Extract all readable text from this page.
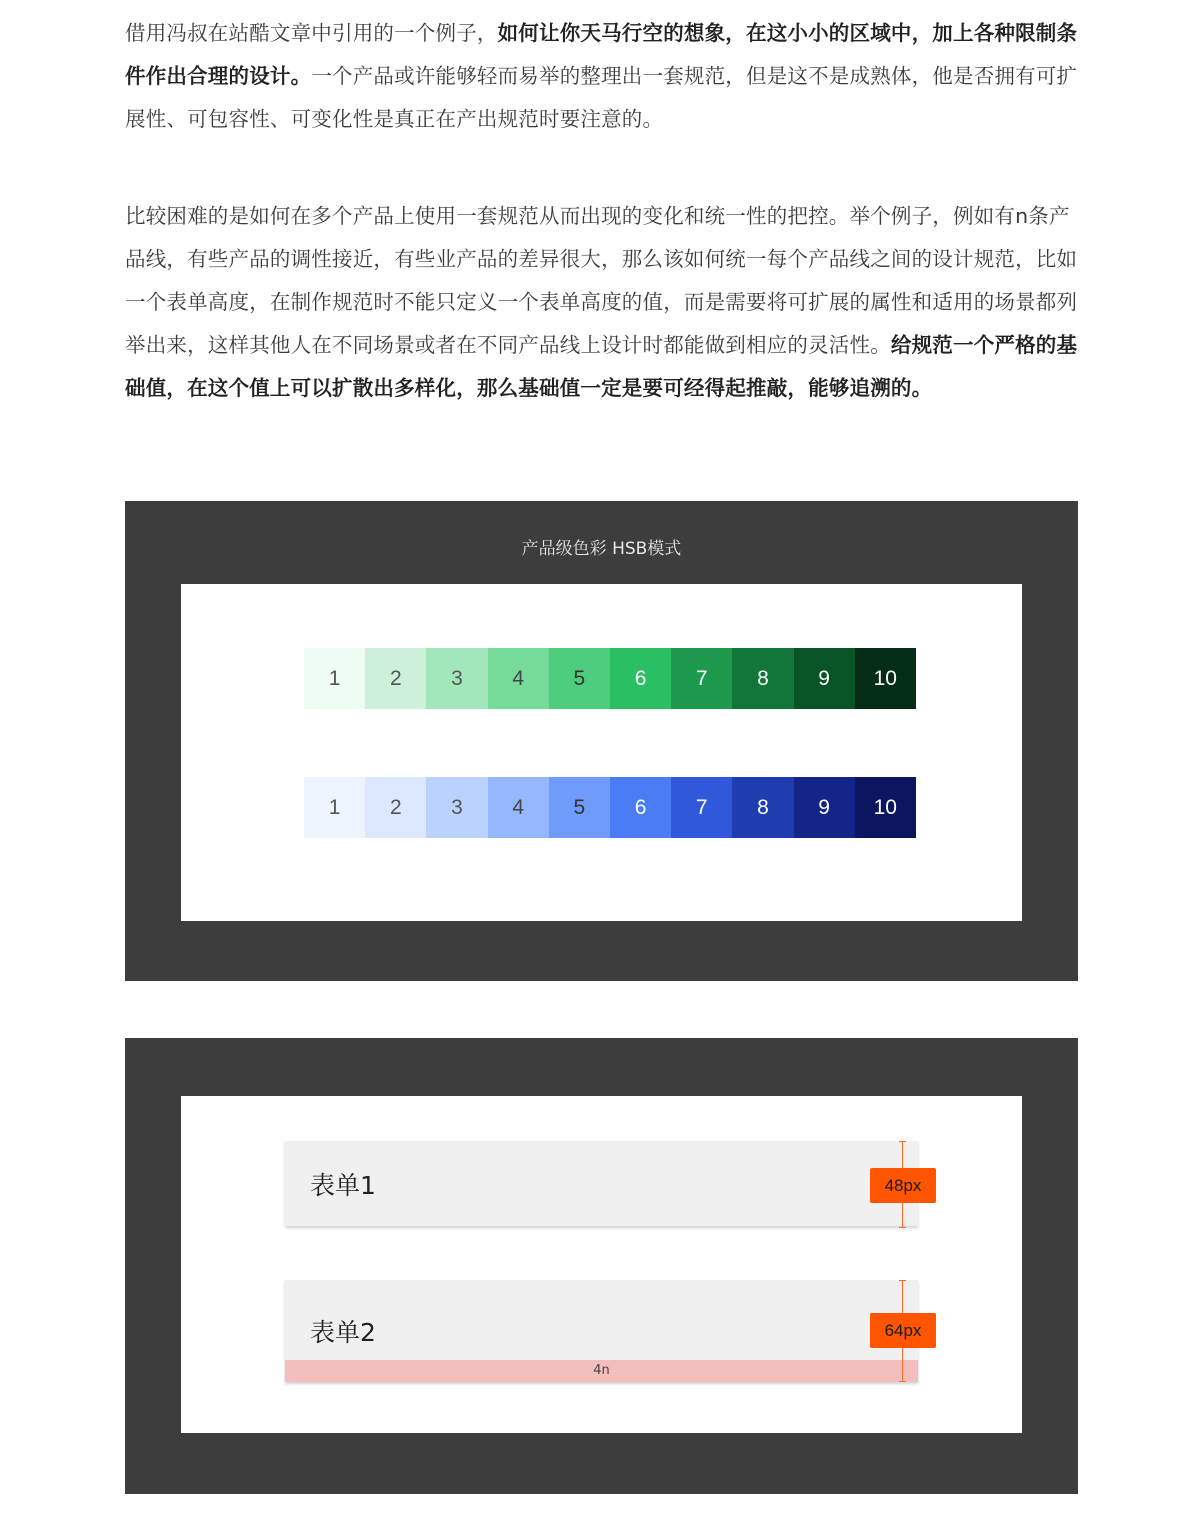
借用冯叔在站酷文章中引用的一个例子，如何让你天马行空的想象，在这小小的区域中，加上各种限制条件作出合理的设计。一个产品或许能够轻而易举的整理出一套规范，但是这不是成熟体，他是否拥有可扩展性、可包容性、可变化性是真正在产出规范时要注意的。

比较困难的是如何在多个产品上使用一套规范从而出现的变化和统一性的把控。举个例子，例如有n条产品线，有些产品的调性接近，有些业产品的差异很大，那么该如何统一每个产品线之间的设计规范，比如一个表单高度，在制作规范时不能只定义一个表单高度的值，而是需要将可扩展的属性和适用的场景都列举出来，这样其他人在不同场景或者在不同产品线上设计时都能做到相应的灵活性。给规范一个严格的基础值，在这个值上可以扩散出多样化，那么基础值一定是要可经得起推敲，能够追溯的。

产品级色彩 HSB模式
1	2	3	4	5	6	7	8	9	10
1	2	3	4	5	6	7	8	9	10
表单1	48px
表单2
4n
64px
